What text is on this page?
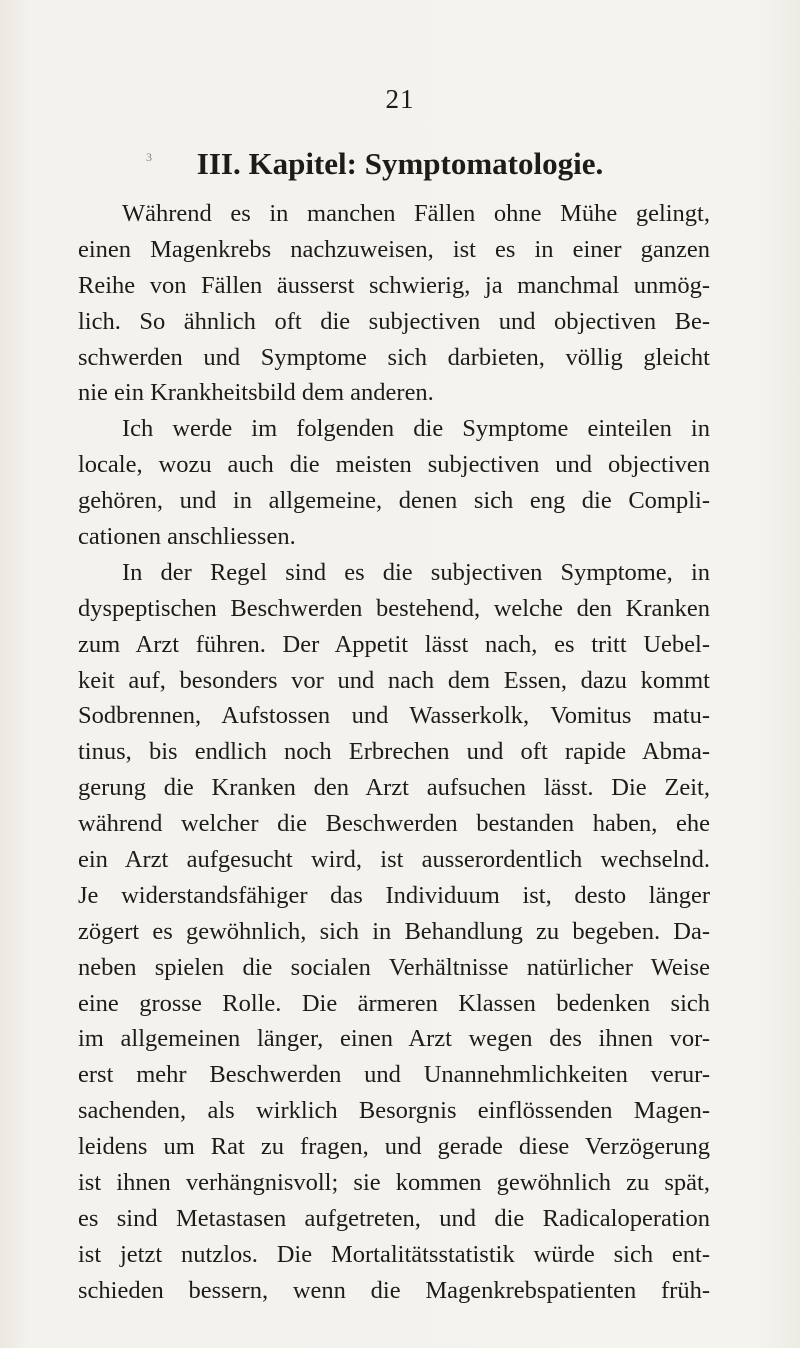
21
3	III. Kapitel: Symptomatologie.
Während es in manchen Fällen ohne Mühe gelingt,
einen Magenkrebs nachzuweisen, ist es in einer ganzen
Reihe von Fällen äusserst schwierig, ja manchmal unmög-
lich. So ähnlich oft die subjectiven und objectiven Be-
schwerden und Symptome sich darbieten, völlig gleicht
nie ein Krankheitsbild dem anderen.
Ich werde im folgenden die Symptome einteilen in
locale, wozu auch die meisten subjectiven und objectiven
gehören, und in allgemeine, denen sich eng die Compli-
cationen anschliessen.
In der Regel sind es die subjectiven Symptome, in
dyspeptischen Beschwerden bestehend, welche den Kranken
zum Arzt führen. Der Appetit lässt nach, es tritt Uebel-
keit auf, besonders vor und nach dem Essen, dazu kommt
Sodbrennen, Aufstossen und Wasserkolk, Vomitus matu-
tinus, bis endlich noch Erbrechen und oft rapide Abma-
gerung die Kranken den Arzt aufsuchen lässt. Die Zeit,
während welcher die Beschwerden bestanden haben, ehe
ein Arzt aufgesucht wird, ist ausserordentlich wechselnd.
Je widerstandsfähiger das Individuum ist, desto länger
zögert es gewöhnlich, sich in Behandlung zu begeben. Da-
neben spielen die socialen Verhältnisse natürlicher Weise
eine grosse Rolle. Die ärmeren Klassen bedenken sich
im allgemeinen länger, einen Arzt wegen des ihnen vor-
erst mehr Beschwerden und Unannehmlichkeiten verur-
sachenden, als wirklich Besorgnis einflössenden Magen-
leidens um Rat zu fragen, und gerade diese Verzögerung
ist ihnen verhängnisvoll; sie kommen gewöhnlich zu spät,
es sind Metastasen aufgetreten, und die Radicaloperation
ist jetzt nutzlos. Die Mortalitätsstatistik würde sich ent-
schieden bessern, wenn die Magenkrebspatienten früh-
